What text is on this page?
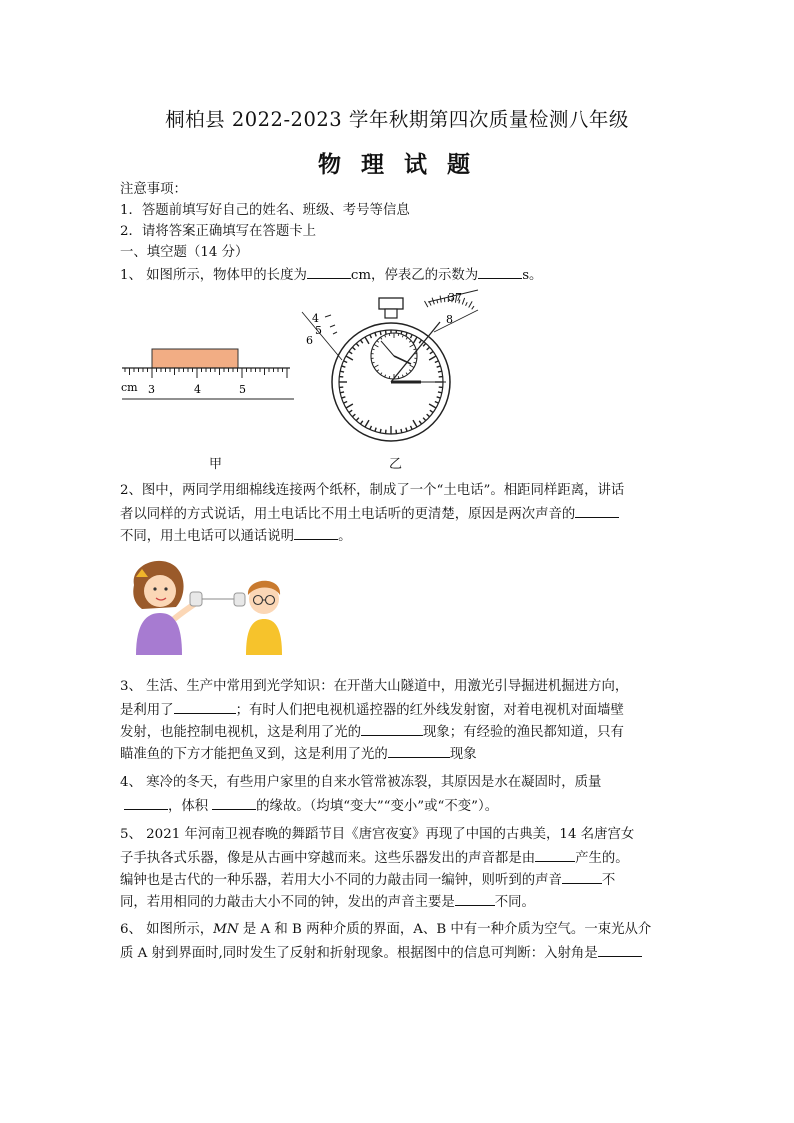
桐柏县 2022-2023 学年秋期第四次质量检测八年级
物 理 试 题
注意事项：
1．答题前填写好自己的姓名、班级、考号等信息
2．请将答案正确填写在答题卡上
一、填空题（14 分）
1、 如图所示，物体甲的长度为	cm，停表乙的示数为	s。
cm 3	4	5
4
5
6
37
8
甲	乙
2、图中，两同学用细棉线连接两个纸杯，制成了一个“土电话”。相距同样距离，讲话
者以同样的方式说话，用土电话比不用土电话听的更清楚，原因是两次声音的
不同，用土电话可以通话说明	。
3、 生活、生产中常用到光学知识：在开凿大山隧道中，用激光引导掘进机掘进方向，
是利用了	；有时人们把电视机遥控器的红外线发射窗，对着电视机对面墙壁
发射，也能控制电视机，这是利用了光的	现象；有经验的渔民都知道，只有
瞄准鱼的下方才能把鱼叉到，这是利用了光的	现象
4、 寒冷的冬天，有些用户家里的自来水管常被冻裂，其原因是水在凝固时，质量
，体积	的缘故。（均填“变大”“变小”或“不变”）。
5、 2021 年河南卫视春晚的舞蹈节目《唐宫夜宴》再现了中国的古典美，14 名唐宫女
子手执各式乐器，像是从古画中穿越而来。这些乐器发出的声音都是由	产生的。
编钟也是古代的一种乐器，若用大小不同的力敲击同一编钟，则听到的声音	不
同，若用相同的力敲击大小不同的钟，发出的声音主要是	不同。
6、 如图所示，MN 是 A 和 B 两种介质的界面，A、B 中有一种介质为空气。一束光从介
质 A 射到界面时,同时发生了反射和折射现象。根据图中的信息可判断：入射角是
